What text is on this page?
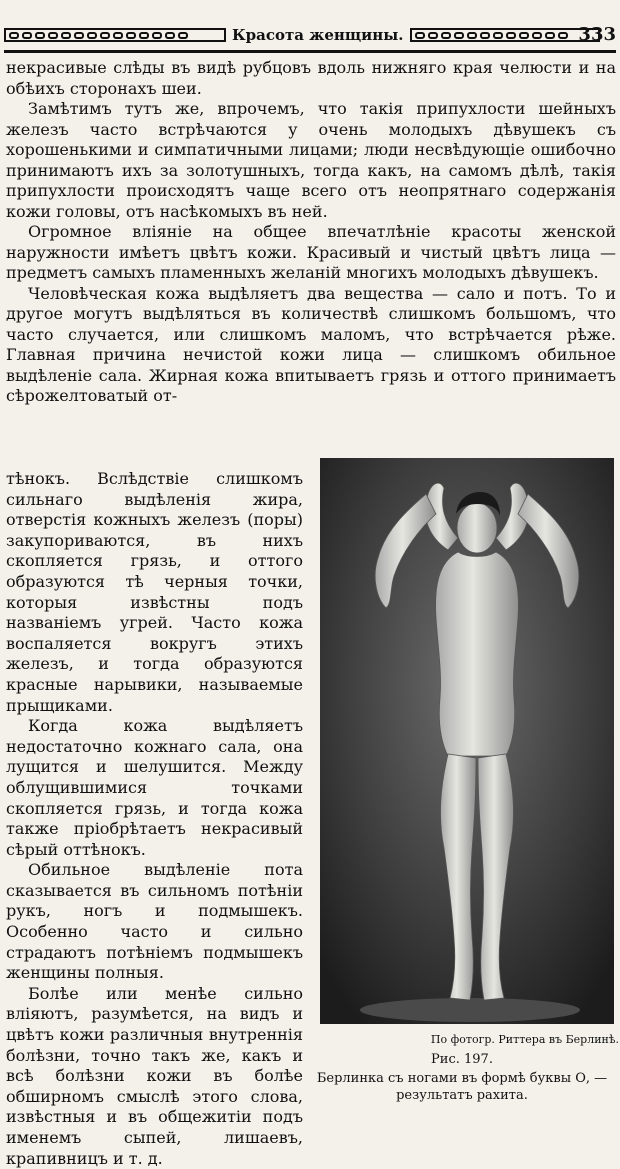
Красота женщины.	333

некрасивые слѣды въ видѣ рубцовъ вдоль нижняго края челюсти и на обѣихъ сторонахъ шеи.

Замѣтимъ тутъ же, впрочемъ, что такія припухлости шейныхъ железъ часто встрѣчаются у очень молодыхъ дѣвушекъ съ хорошенькими и симпатичными лицами; люди несвѣдующіе ошибочно принимаютъ ихъ за золотушныхъ, тогда какъ, на самомъ дѣлѣ, такія припухлости происходятъ чаще всего отъ неопрятнаго содержанія кожи головы, отъ насѣкомыхъ въ ней.

Огромное вліяніе на общее впечатлѣніе красоты женской наружности имѣетъ цвѣтъ кожи. Красивый и чистый цвѣтъ лица — предметъ самыхъ пламенныхъ желаній многихъ молодыхъ дѣвушекъ.

Человѣческая кожа выдѣляетъ два вещества — сало и потъ. То и другое могутъ выдѣляться въ количествѣ слишкомъ большомъ, что часто случается, или слишкомъ маломъ, что встрѣчается рѣже. Главная причина нечистой кожи лица — слишкомъ обильное выдѣленіе сала. Жирная кожа впитываетъ грязь и оттого принимаетъ сѣрожелтоватый от-

тѣнокъ. Вслѣдствіе слишкомъ сильнаго выдѣленія жира, отверстія кожныхъ железъ (поры) закупориваются, въ нихъ скопляется грязь, и оттого образуются тѣ черныя точки, которыя извѣстны подъ названіемъ угрей. Часто кожа воспаляется вокругъ этихъ железъ, и тогда образуются красные нарывики, называемые прыщиками.

Когда кожа выдѣляетъ недостаточно кожнаго сала, она лущится и шелушится. Между облущившимися точками скопляется грязь, и тогда кожа также пріобрѣтаетъ некрасивый сѣрый оттѣнокъ.

Обильное выдѣленіе пота сказывается въ сильномъ потѣніи рукъ, ногъ и подмышекъ. Особенно часто и сильно страдаютъ потѣніемъ подмышекъ женщины полныя.

Болѣе или менѣе сильно вліяютъ, разумѣется, на видъ и цвѣтъ кожи различныя внутреннія болѣзни, точно такъ же, какъ и всѣ болѣзни кожи въ болѣе обширномъ смыслѣ этого слова, извѣстныя и въ общежитіи подъ именемъ сыпей, лишаевъ, крапивницъ и т. д.

По фотогр. Риттера въ Берлинѣ.
Рис. 197.
Берлинка съ ногами въ формѣ буквы О, — результатъ рахита.
